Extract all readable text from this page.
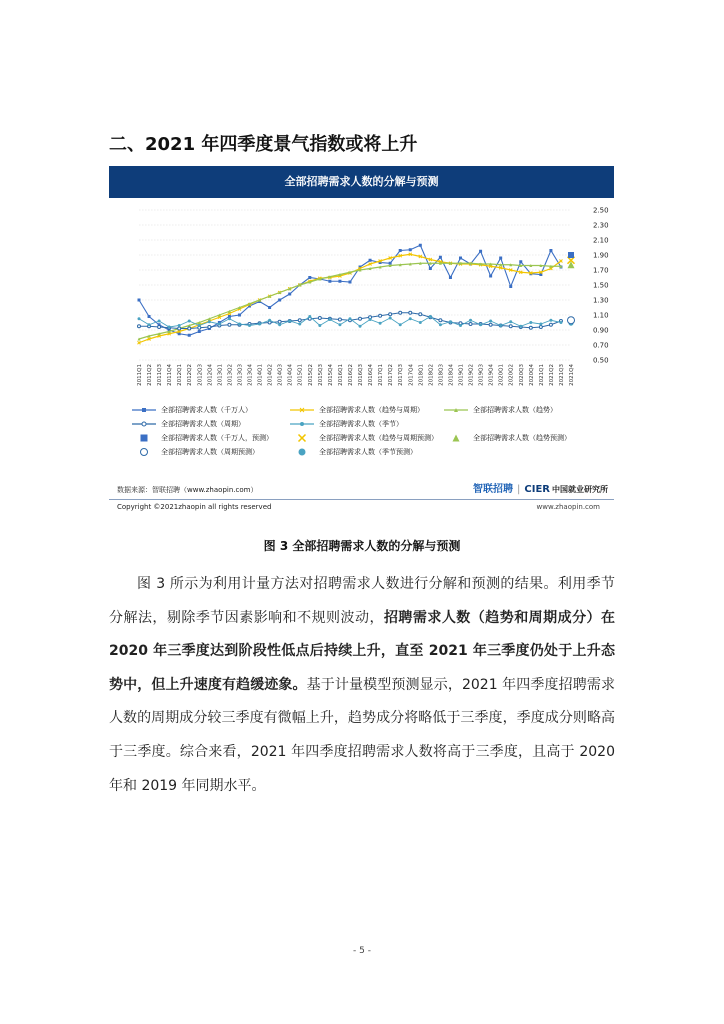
二、2021 年四季度景气指数或将上升
全部招聘需求人数的分解与预测
2.50
2.30
2.10
1.90
1.70
1.50
1.30
1.10
0.90
0.70
0.50
2011Q1 2011Q2 2011Q3 2011Q4 2012Q1 2012Q2 2012Q3 2012Q4 2013Q1 2013Q2 2013Q3 2013Q4 2014Q1 2014Q2 2014Q3 2014Q4 2015Q1 2015Q2 2015Q3 2015Q4 2016Q1 2016Q2 2016Q3 2016Q4 2017Q1 2017Q2 2017Q3 2017Q4 2018Q1 2018Q2 2018Q3 2018Q4 2019Q1 2019Q2 2019Q3 2019Q4 2020Q1 2020Q2 2020Q3 2020Q4 2021Q1 2021Q2 2021Q3 2021Q4
全部招聘需求人数（千万人）	全部招聘需求人数（趋势与周期）	全部招聘需求人数（趋势）
全部招聘需求人数（周期）	全部招聘需求人数（季节）
全部招聘需求人数（千万人，预测）	全部招聘需求人数（趋势与周期预测）	全部招聘需求人数（趋势预测）
全部招聘需求人数（周期预测）	全部招聘需求人数（季节预测）
数据来源：智联招聘（www.zhaopin.com）	智联招聘 | CIER 中国就业研究所
Copyright ©2021zhaopin all rights reserved	www.zhaopin.com
图 3 全部招聘需求人数的分解与预测

图 3 所示为利用计量方法对招聘需求人数进行分解和预测的结果。利用季节分解法，剔除季节因素影响和不规则波动，招聘需求人数（趋势和周期成分）在 2020 年三季度达到阶段性低点后持续上升，直至 2021 年三季度仍处于上升态势中，但上升速度有趋缓迹象。基于计量模型预测显示，2021 年四季度招聘需求人数的周期成分较三季度有微幅上升，趋势成分将略低于三季度，季度成分则略高于三季度。综合来看，2021 年四季度招聘需求人数将高于三季度，且高于 2020 年和 2019 年同期水平。

- 5 -
